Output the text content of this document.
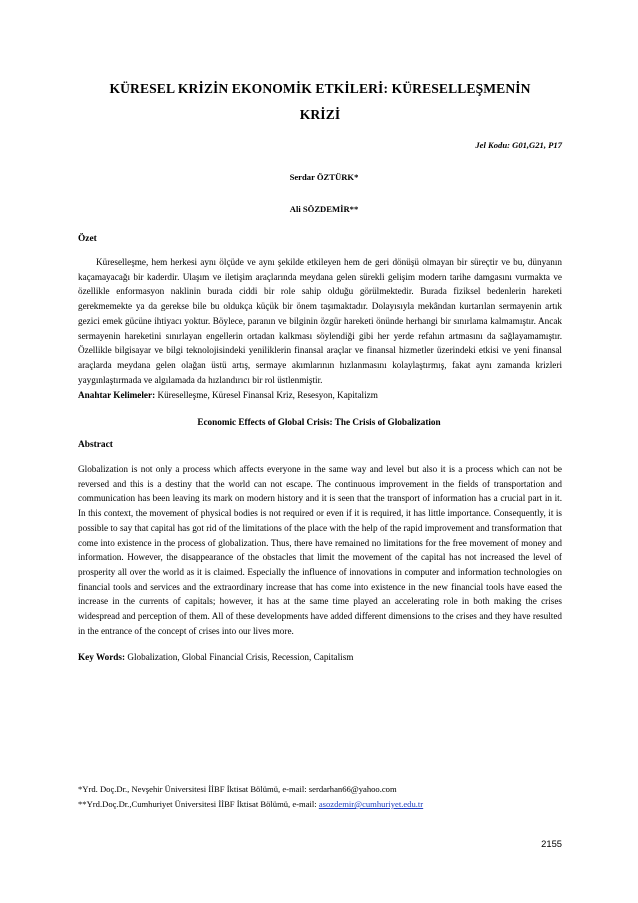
KÜRESEL KRİZİN EKONOMİK ETKİLERİ: KÜRESELLEŞMENİN
KRİZİ
Jel Kodu: G01,G21, P17
Serdar ÖZTÜRK*
Ali SÖZDEMİR**
Özet
Küreselleşme, hem herkesi aynı ölçüde ve aynı şekilde etkileyen hem de geri dönüşü olmayan bir süreçtir ve bu, dünyanın kaçamayacağı bir kaderdir. Ulaşım ve iletişim araçlarında meydana gelen sürekli gelişim modern tarihe damgasını vurmakta ve özellikle enformasyon naklinin burada ciddi bir role sahip olduğu görülmektedir. Burada fiziksel bedenlerin hareketi gerekmemekte ya da gerekse bile bu oldukça küçük bir önem taşımaktadır. Dolayısıyla mekândan kurtarılan sermayenin artık gezici emek gücüne ihtiyacı yoktur. Böylece, paranın ve bilginin özgür hareketi önünde herhangi bir sınırlama kalmamıştır. Ancak sermayenin hareketini sınırlayan engellerin ortadan kalkması söylendiği gibi her yerde refahın artmasını da sağlayamamıştır. Özellikle bilgisayar ve bilgi teknolojisindeki yeniliklerin finansal araçlar ve finansal hizmetler üzerindeki etkisi ve yeni finansal araçlarda meydana gelen olağan üstü artış, sermaye akımlarının hızlanmasını kolaylaştırmış, fakat aynı zamanda krizleri yaygınlaştırmada ve algılamada da hızlandırıcı bir rol üstlenmiştir.
Anahtar Kelimeler: Küreselleşme, Küresel Finansal Kriz, Resesyon, Kapitalizm
Economic Effects of Global Crisis: The Crisis of Globalization
Abstract
Globalization is not only a process which affects everyone in the same way and level but also it is a process which can not be reversed and this is a destiny that the world can not escape. The continuous improvement in the fields of transportation and communication has been leaving its mark on modern history and it is seen that the transport of information has a crucial part in it. In this context, the movement of physical bodies is not required or even if it is required, it has little importance. Consequently, it is possible to say that capital has got rid of the limitations of the place with the help of the rapid improvement and transformation that come into existence in the process of globalization. Thus, there have remained no limitations for the free movement of money and information. However, the disappearance of the obstacles that limit the movement of the capital has not increased the level of prosperity all over the world as it is claimed. Especially the influence of innovations in computer and information technologies on financial tools and services and the extraordinary increase that has come into existence in the new financial tools have eased the increase in the currents of capitals; however, it has at the same time played an accelerating role in both making the crises widespread and perception of them. All of these developments have added different dimensions to the crises and they have resulted in the entrance of the concept of crises into our lives more.
Key Words: Globalization, Global Financial Crisis, Recession, Capitalism
*Yrd. Doç.Dr., Nevşehir Üniversitesi İİBF İktisat Bölümü, e-mail: serdarhan66@yahoo.com
**Yrd.Doç.Dr.,Cumhuriyet Üniversitesi İİBF İktisat Bölümü, e-mail: asozdemir@cumhuriyet.edu.tr
2155
